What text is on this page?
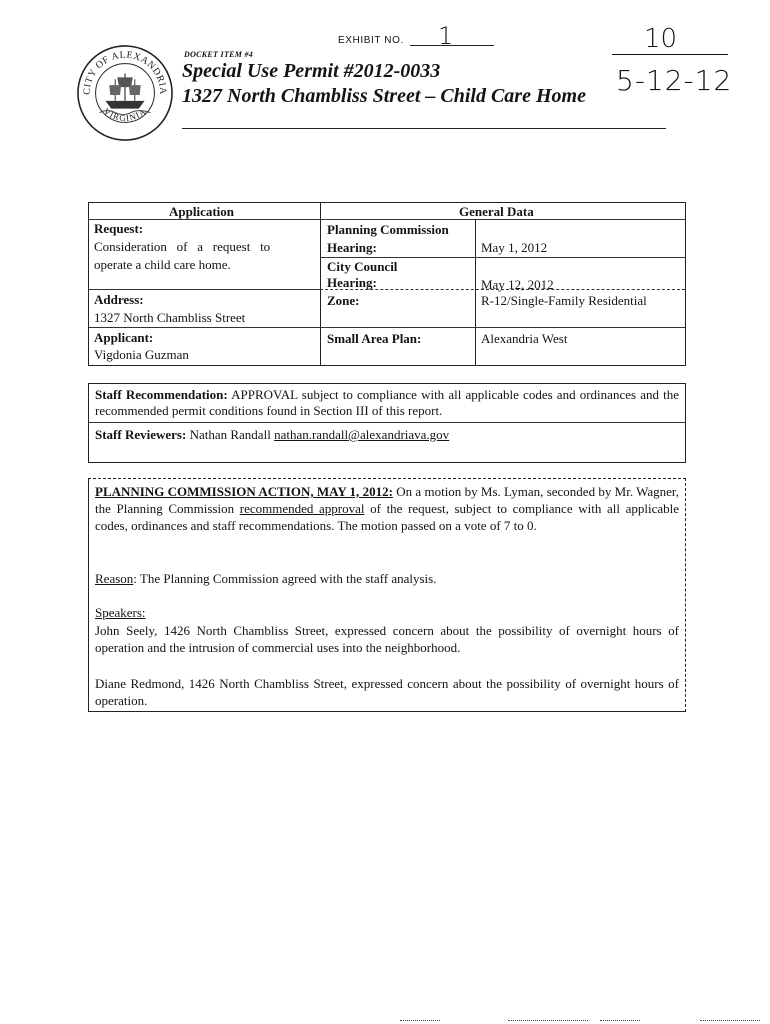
CITY OF ALEXANDRIA
VIRGINIA
DOCKET ITEM #4
EXHIBIT NO. 1
Special Use Permit #2012-0033
1327 North Chambliss Street – Child Care Home
10
5-12-12
Application
Request:
Consideration   of   a   request   to
operate a child care home.
Address:
1327 North Chambliss Street
Applicant:
Vigdonia Guzman
General Data
Planning Commission
Hearing:	May 1, 2012
City Council
Hearing:	May 12, 2012
Zone:	R-12/Single-Family Residential
Small Area Plan:	Alexandria West
Staff Recommendation: APPROVAL subject to compliance with all applicable codes and ordinances and the recommended permit conditions found in Section III of this report.
Staff Reviewers: Nathan Randall nathan.randall@alexandriava.gov
PLANNING COMMISSION ACTION, MAY 1, 2012: On a motion by Ms. Lyman, seconded by Mr. Wagner, the Planning Commission recommended approval of the request, subject to compliance with all applicable codes, ordinances and staff recommendations. The motion passed on a vote of 7 to 0.
Reason: The Planning Commission agreed with the staff analysis.
Speakers:
John Seely, 1426 North Chambliss Street, expressed concern about the possibility of overnight hours of operation and the intrusion of commercial uses into the neighborhood.
Diane Redmond, 1426 North Chambliss Street, expressed concern about the possibility of overnight hours of operation.
